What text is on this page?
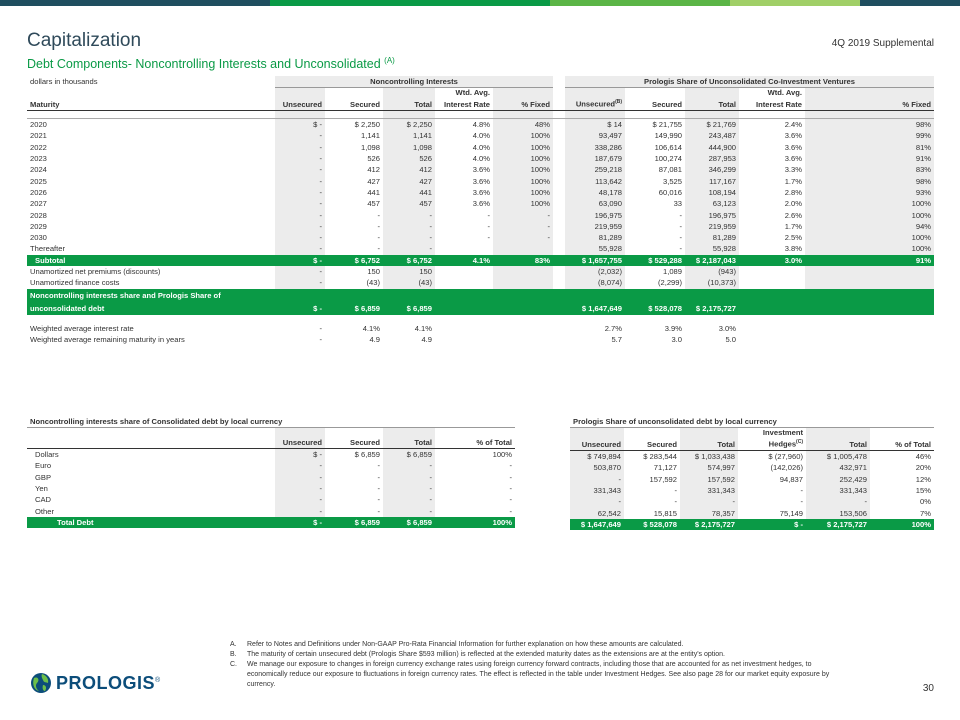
Capitalization
Debt Components- Noncontrolling Interests and Unconsolidated $^{(A)}$
4Q 2019 Supplemental
dollars in thousands	Noncontrolling Interests						Prologis Share of Unconsolidated Co-Investment Ventures				
				Wtd. Avg.						Wtd. Avg.	
Maturity	Unsecured	Secured	Total	Interest Rate	% Fixed		Unsecured$^{(B)}$	Secured	Total	Interest Rate	% Fixed

2020	$ -	$ 2,250	$ 2,250	4.8%	48%		$ 14	$ 21,755	$ 21,769	2.4%	98%
2021	-	1,141	1,141	4.0%	100%		93,497	149,990	243,487	3.6%	99%
2022	-	1,098	1,098	4.0%	100%		338,286	106,614	444,900	3.6%	81%
2023	-	526	526	4.0%	100%		187,679	100,274	287,953	3.6%	91%
2024	-	412	412	3.6%	100%		259,218	87,081	346,299	3.3%	83%
2025	-	427	427	3.6%	100%		113,642	3,525	117,167	1.7%	98%
2026	-	441	441	3.6%	100%		48,178	60,016	108,194	2.8%	93%
2027	-	457	457	3.6%	100%		63,090	33	63,123	2.0%	100%
2028	-	-	-	-	-		196,975	-	196,975	2.6%	100%
2029	-	-	-	-	-		219,959	-	219,959	1.7%	94%
2030	-	-	-	-	-		81,289	-	81,289	2.5%	100%
Thereafter	-	-	-				55,928	-	55,928	3.8%	100%
Subtotal	$ -	$ 6,752	$ 6,752	4.1%	83%		$ 1,657,755	$ 529,288	$ 2,187,043	3.0%	91%
Unamortized net premiums (discounts)	-	150	150				(2,032)	1,089	(943)		
Unamortized finance costs	-	(43)	(43)				(8,074)	(2,299)	(10,373)		
Noncontrolling interests share and Prologis Share of											
unconsolidated debt	$ -	$ 6,859	$ 6,859				$ 1,647,649	$ 528,078	$ 2,175,727		

Weighted average interest rate	-	4.1%	4.1%				2.7%	3.9%	3.0%		
Weighted average remaining maturity in years	-	4.9	4.9				5.7	3.0	5.0		
Noncontrolling interests share of Consolidated debt by local currency				

	Unsecured	Secured	Total	% of Total
Dollars	$ -	$ 6,859	$ 6,859	100%
Euro	-	-	-	-
GBP	-	-	-	-
Yen	-	-	-	-
CAD	-	-	-	-
Other	-	-	-	-
Total Debt	$ -	$ 6,859	$ 6,859	100%
Prologis Share of unconsolidated debt by local currency					
			Investment		
Unsecured	Secured	Total	Hedges$^{(C)}$	Total	% of Total
$ 749,894	$ 283,544	$ 1,033,438	$ (27,960)	$ 1,005,478	46%
503,870	71,127	574,997	(142,026)	432,971	20%
-	157,592	157,592	94,837	252,429	12%
331,343	-	331,343	-	331,343	15%
-	-	-	-	-	0%
62,542	15,815	78,357	75,149	153,506	7%
$ 1,647,649	$ 528,078	$ 2,175,727	$ -	$ 2,175,727	100%
A.	Refer to Notes and Definitions under Non-GAAP Pro-Rata Financial Information for further explanation on how these amounts are calculated.
B.	The maturity of certain unsecured debt (Prologis Share $593 million) is reflected at the extended maturity dates as the extensions are at the entity's option.
C.	We manage our exposure to changes in foreign currency exchange rates using foreign currency forward contracts, including those that are accounted for as net investment hedges, to economically reduce our exposure to fluctuations in foreign currency rates. The effect is reflected in the table under Investment Hedges. See also page 28 for our market equity exposure by currency.
PROLOGIS®
30
